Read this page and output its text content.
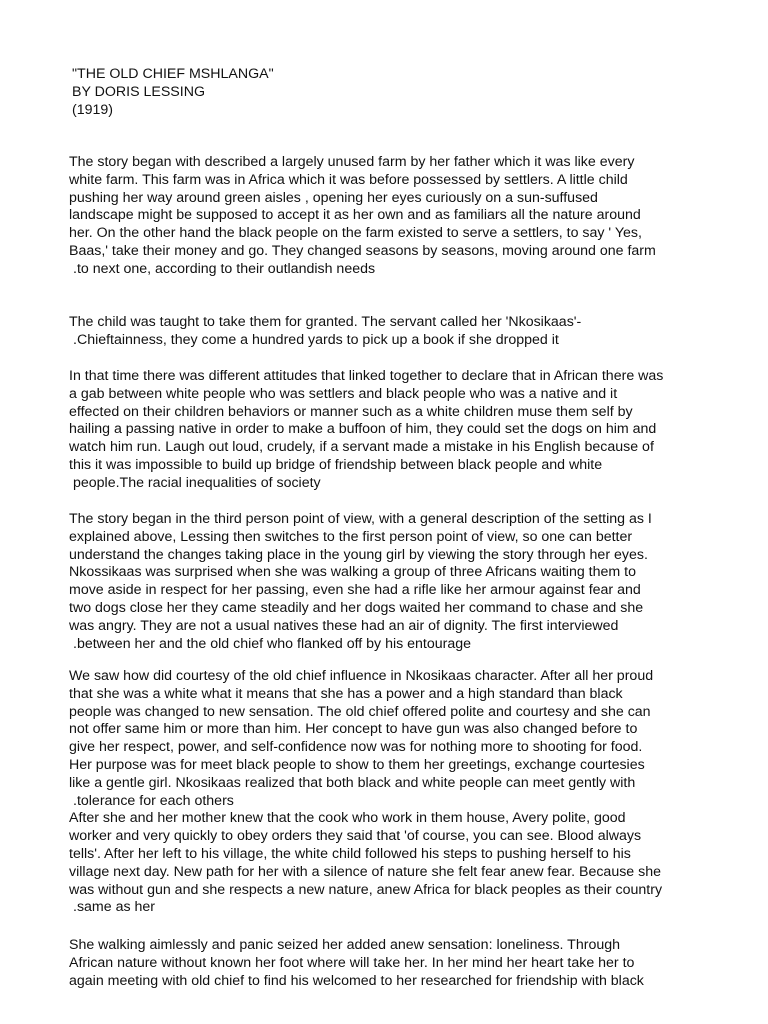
"THE OLD CHIEF MSHLANGA"
BY DORIS LESSING
(1919)
The story began with described a largely unused farm by her father which it was like every
white farm. This farm was in Africa which it was before possessed by settlers. A little child
pushing her way around green aisles , opening her eyes curiously on a sun-suffused
landscape might be supposed to accept it as her own and as familiars all the nature around
her. On the other hand the black people on the farm existed to serve a settlers, to say ' Yes,
Baas,' take their money and go. They changed seasons by seasons, moving around one farm
.to next one, according to their outlandish needs
The child was taught to take them for granted. The servant called her 'Nkosikaas'-
.Chieftainness, they come a hundred yards to pick up a book if she dropped it
In that time there was different attitudes that linked together to declare that in African there was
a gab between white people who was settlers and black people who was a native and it
effected on their children behaviors or manner such as a white children muse them self by
hailing a passing native in order to make a buffoon of him, they could set the dogs on him and
watch him run. Laugh out loud, crudely, if a servant made a mistake in his English because of
this it was impossible to build up bridge of friendship between black people and white
people.The racial inequalities of society
The story began in the third person point of view, with a general description of the setting as I
explained above, Lessing then switches to the first person point of view, so one can better
understand the changes taking place in the young girl by viewing the story through her eyes.
Nkossikaas was surprised when she was walking a group of three Africans waiting them to
move aside in respect for her passing, even she had a rifle like her armour against fear and
two dogs close her they came steadily and her dogs waited her command to chase and she
was angry. They are not a usual natives these had an air of dignity. The first interviewed
.between her and the old chief who flanked off by his entourage
We saw how did courtesy of the old chief influence in Nkosikaas character. After all her proud
that she was a white what it means that she has a power and a high standard than black
people was changed to new sensation. The old chief offered polite and courtesy and she can
not offer same him or more than him. Her concept to have gun was also changed before to
give her respect, power, and self-confidence now was for nothing more to shooting for food.
Her purpose was for meet black people to show to them her greetings, exchange courtesies
like a gentle girl. Nkosikaas realized that both black and white people can meet gently with
.tolerance for each others
After she and her mother knew that the cook who work in them house, Avery polite, good
worker and very quickly to obey orders they said that 'of course, you can see. Blood always
tells'. After her left to his village, the white child followed his steps to pushing herself to his
village next day. New path for her with a silence of nature she felt fear anew fear. Because she
was without gun and she respects a new nature, anew Africa for black peoples as their country
.same as her
She walking aimlessly and panic seized her added anew sensation: loneliness. Through
African nature without known her foot where will take her. In her mind her heart take her to
again meeting with old chief to find his welcomed to her researched for friendship with black
